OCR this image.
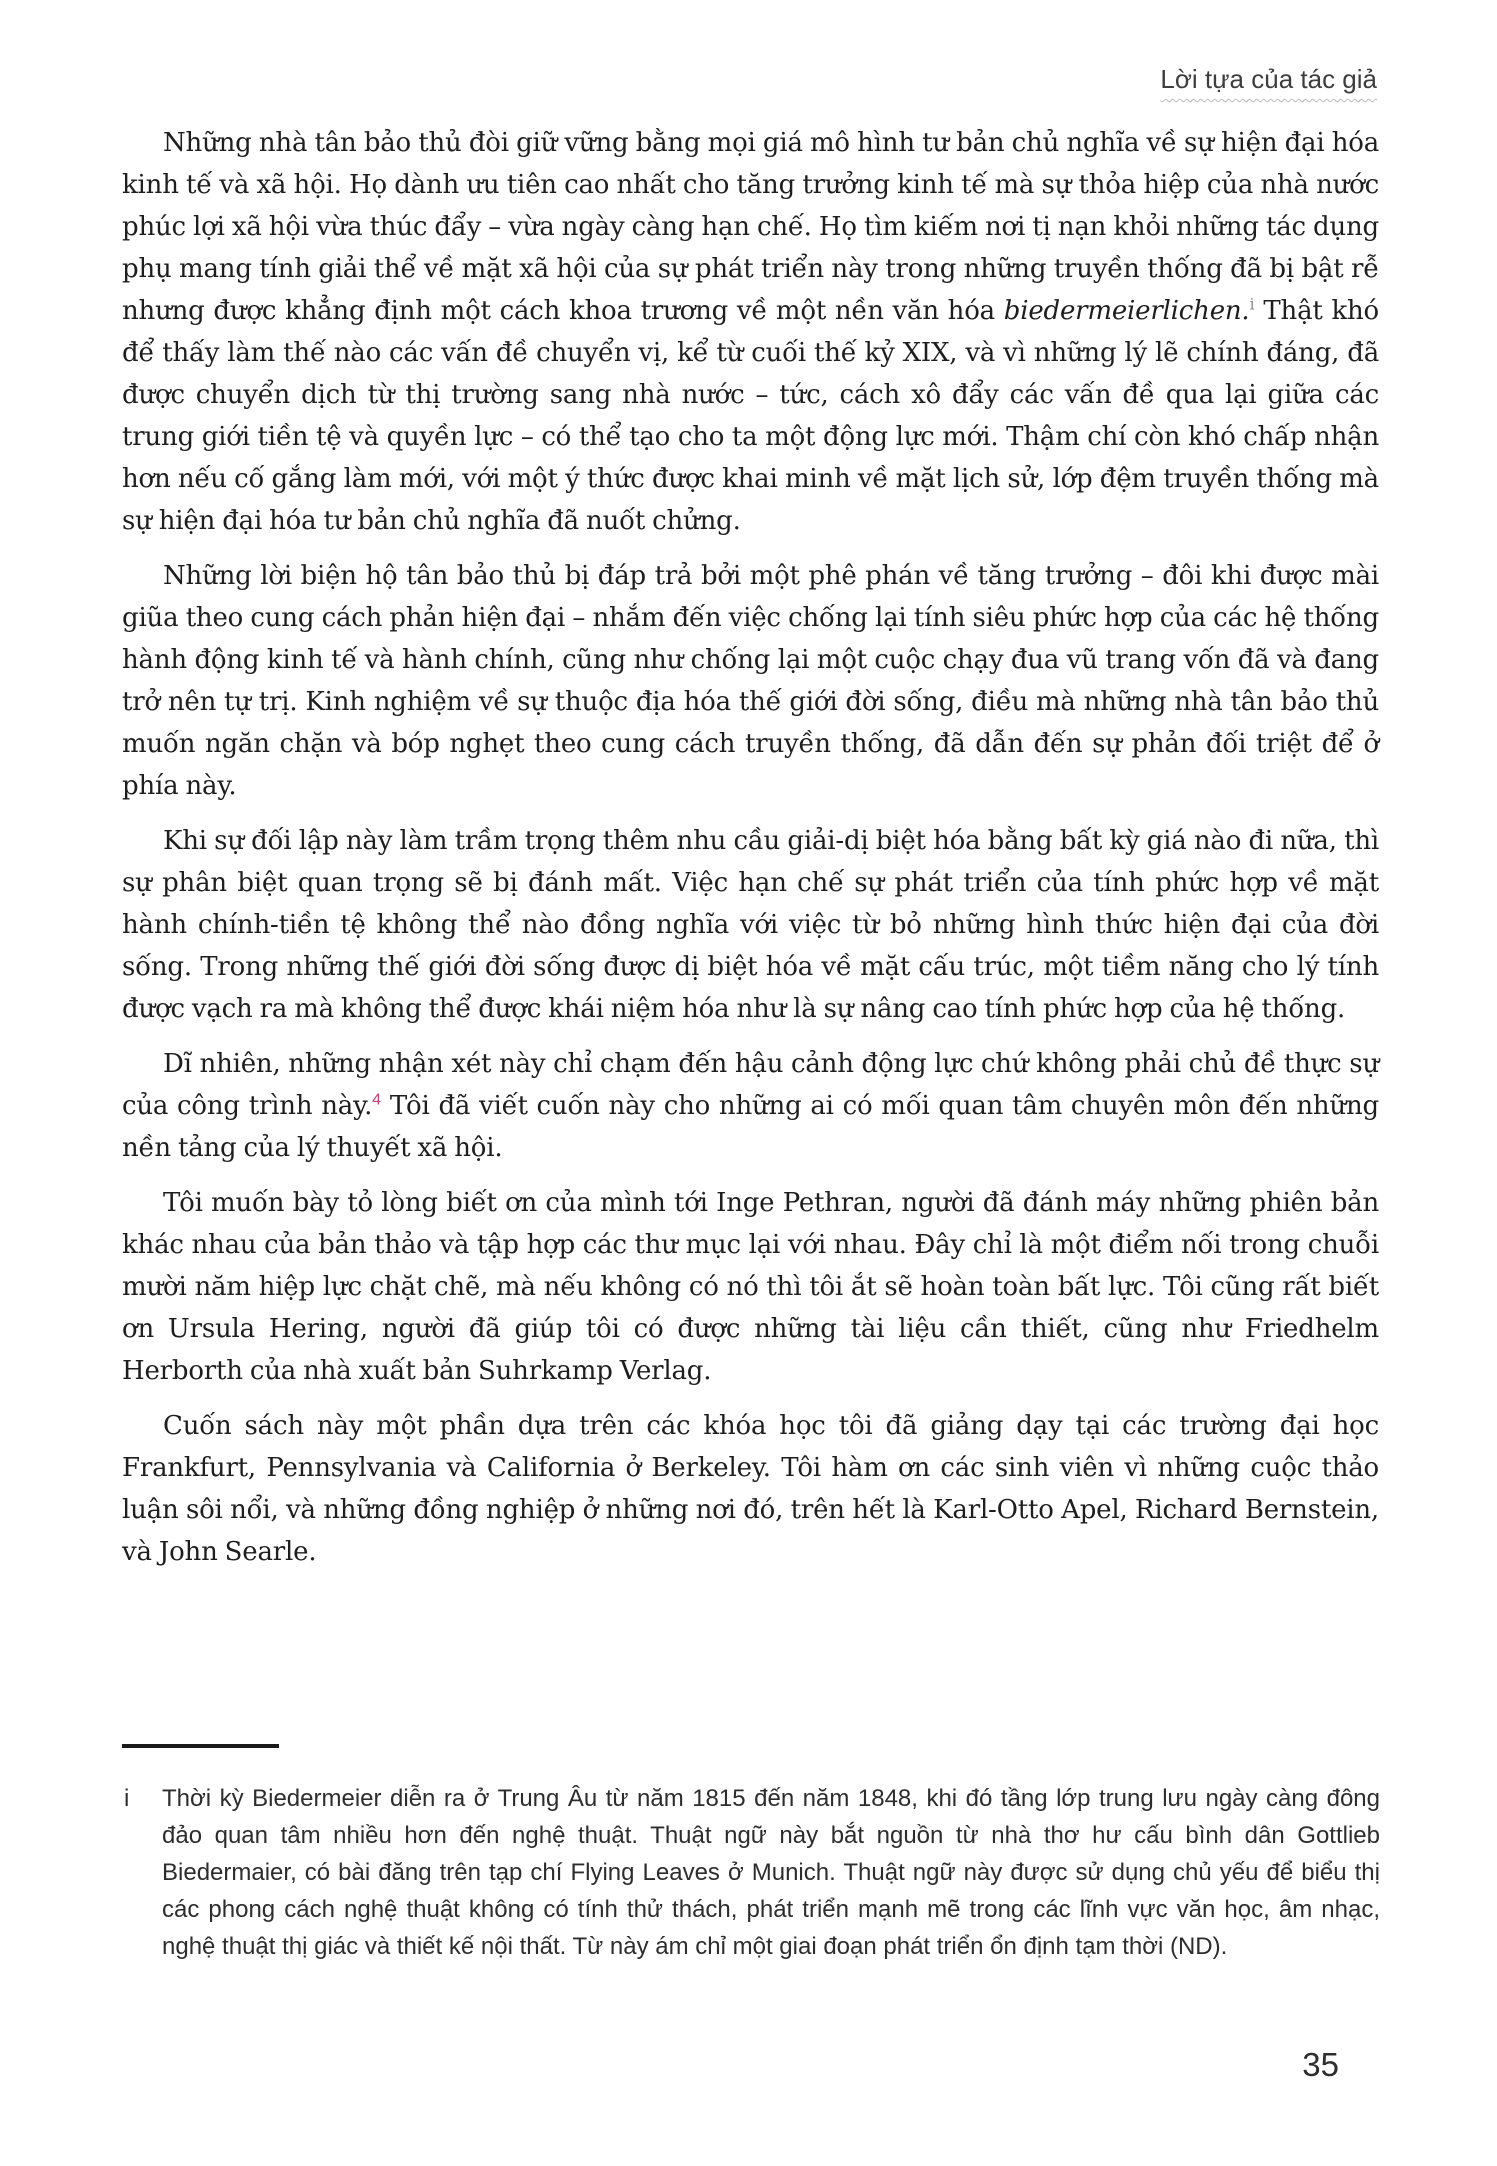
Lời tựa của tác giả

Những nhà tân bảo thủ đòi giữ vững bằng mọi giá mô hình tư bản chủ nghĩa về sự hiện đại hóa kinh tế và xã hội. Họ dành ưu tiên cao nhất cho tăng trưởng kinh tế mà sự thỏa hiệp của nhà nước phúc lợi xã hội vừa thúc đẩy – vừa ngày càng hạn chế. Họ tìm kiếm nơi tị nạn khỏi những tác dụng phụ mang tính giải thể về mặt xã hội của sự phát triển này trong những truyền thống đã bị bật rễ nhưng được khẳng định một cách khoa trương về một nền văn hóa biedermeierlichen.$^i$ Thật khó để thấy làm thế nào các vấn đề chuyển vị, kể từ cuối thế kỷ XIX, và vì những lý lẽ chính đáng, đã được chuyển dịch từ thị trường sang nhà nước – tức, cách xô đẩy các vấn đề qua lại giữa các trung giới tiền tệ và quyền lực – có thể tạo cho ta một động lực mới. Thậm chí còn khó chấp nhận hơn nếu cố gắng làm mới, với một ý thức được khai minh về mặt lịch sử, lớp đệm truyền thống mà sự hiện đại hóa tư bản chủ nghĩa đã nuốt chửng.

Những lời biện hộ tân bảo thủ bị đáp trả bởi một phê phán về tăng trưởng – đôi khi được mài giũa theo cung cách phản hiện đại – nhắm đến việc chống lại tính siêu phức hợp của các hệ thống hành động kinh tế và hành chính, cũng như chống lại một cuộc chạy đua vũ trang vốn đã và đang trở nên tự trị. Kinh nghiệm về sự thuộc địa hóa thế giới đời sống, điều mà những nhà tân bảo thủ muốn ngăn chặn và bóp nghẹt theo cung cách truyền thống, đã dẫn đến sự phản đối triệt để ở phía này.

Khi sự đối lập này làm trầm trọng thêm nhu cầu giải-dị biệt hóa bằng bất kỳ giá nào đi nữa, thì sự phân biệt quan trọng sẽ bị đánh mất. Việc hạn chế sự phát triển của tính phức hợp về mặt hành chính-tiền tệ không thể nào đồng nghĩa với việc từ bỏ những hình thức hiện đại của đời sống. Trong những thế giới đời sống được dị biệt hóa về mặt cấu trúc, một tiềm năng cho lý tính được vạch ra mà không thể được khái niệm hóa như là sự nâng cao tính phức hợp của hệ thống.

Dĩ nhiên, những nhận xét này chỉ chạm đến hậu cảnh động lực chứ không phải chủ đề thực sự của công trình này.$^4$ Tôi đã viết cuốn này cho những ai có mối quan tâm chuyên môn đến những nền tảng của lý thuyết xã hội.

Tôi muốn bày tỏ lòng biết ơn của mình tới Inge Pethran, người đã đánh máy những phiên bản khác nhau của bản thảo và tập hợp các thư mục lại với nhau. Đây chỉ là một điểm nối trong chuỗi mười năm hiệp lực chặt chẽ, mà nếu không có nó thì tôi ắt sẽ hoàn toàn bất lực. Tôi cũng rất biết ơn Ursula Hering, người đã giúp tôi có được những tài liệu cần thiết, cũng như Friedhelm Herborth của nhà xuất bản Suhrkamp Verlag.

Cuốn sách này một phần dựa trên các khóa học tôi đã giảng dạy tại các trường đại học Frankfurt, Pennsylvania và California ở Berkeley. Tôi hàm ơn các sinh viên vì những cuộc thảo luận sôi nổi, và những đồng nghiệp ở những nơi đó, trên hết là Karl-Otto Apel, Richard Bernstein, và John Searle.

i Thời kỳ Biedermeier diễn ra ở Trung Âu từ năm 1815 đến năm 1848, khi đó tầng lớp trung lưu ngày càng đông đảo quan tâm nhiều hơn đến nghệ thuật. Thuật ngữ này bắt nguồn từ nhà thơ hư cấu bình dân Gottlieb Biedermaier, có bài đăng trên tạp chí Flying Leaves ở Munich. Thuật ngữ này được sử dụng chủ yếu để biểu thị các phong cách nghệ thuật không có tính thử thách, phát triển mạnh mẽ trong các lĩnh vực văn học, âm nhạc, nghệ thuật thị giác và thiết kế nội thất. Từ này ám chỉ một giai đoạn phát triển ổn định tạm thời (ND).
35
